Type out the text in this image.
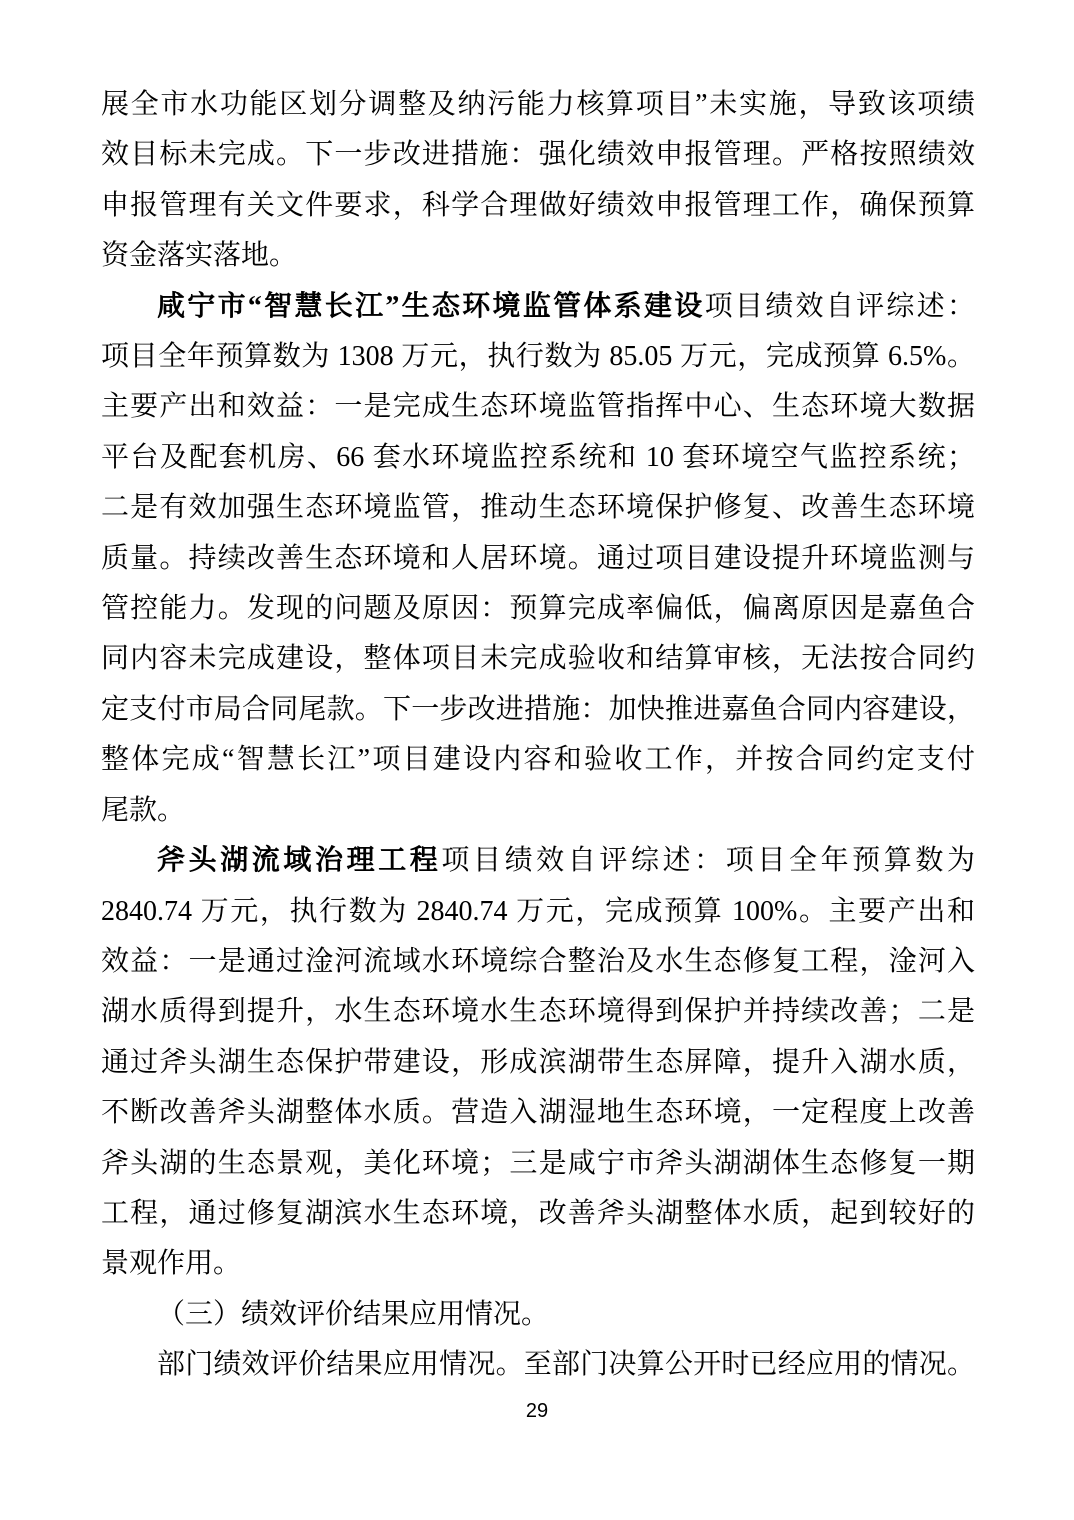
展全市水功能区划分调整及纳污能力核算项目”未实施，导致该项绩
效目标未完成。下一步改进措施：强化绩效申报管理。严格按照绩效
申报管理有关文件要求，科学合理做好绩效申报管理工作，确保预算
资金落实落地。
咸宁市“智慧长江”生态环境监管体系建设项目绩效自评综述：
项目全年预算数为 1308 万元，执行数为 85.05 万元，完成预算 6.5%。
主要产出和效益：一是完成生态环境监管指挥中心、生态环境大数据
平台及配套机房、66 套水环境监控系统和 10 套环境空气监控系统；
二是有效加强生态环境监管，推动生态环境保护修复、改善生态环境
质量。持续改善生态环境和人居环境。通过项目建设提升环境监测与
管控能力。发现的问题及原因：预算完成率偏低，偏离原因是嘉鱼合
同内容未完成建设，整体项目未完成验收和结算审核，无法按合同约
定支付市局合同尾款。下一步改进措施：加快推进嘉鱼合同内容建设，
整体完成“智慧长江”项目建设内容和验收工作，并按合同约定支付
尾款。
斧头湖流域治理工程项目绩效自评综述：项目全年预算数为
2840.74 万元，执行数为 2840.74 万元，完成预算 100%。主要产出和
效益：一是通过淦河流域水环境综合整治及水生态修复工程，淦河入
湖水质得到提升，水生态环境水生态环境得到保护并持续改善；二是
通过斧头湖生态保护带建设，形成滨湖带生态屏障，提升入湖水质，
不断改善斧头湖整体水质。营造入湖湿地生态环境，一定程度上改善
斧头湖的生态景观，美化环境；三是咸宁市斧头湖湖体生态修复一期
工程，通过修复湖滨水生态环境，改善斧头湖整体水质，起到较好的
景观作用。
（三）绩效评价结果应用情况。
部门绩效评价结果应用情况。至部门决算公开时已经应用的情况。
29
